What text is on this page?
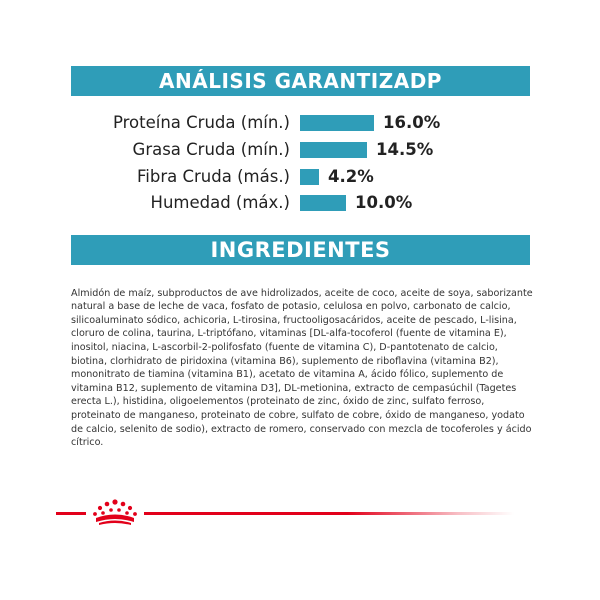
ANÁLISIS GARANTIZADP
Proteína Cruda (mín.)	16.0%
Grasa Cruda (mín.)	14.5%
Fibra Cruda (más.) 4.2%
Humedad (máx.)	10.0%
INGREDIENTES

Almidón de maíz, subproductos de ave hidrolizados, aceite de coco, aceite de soya, saborizante natural a base de leche de vaca, fosfato de potasio, celulosa en polvo, carbonato de calcio, silicoaluminato sódico, achicoria, L-tirosina, fructooligosacáridos, aceite de pescado, L-lisina, cloruro de colina, taurina, L-triptófano, vitaminas [DL-alfa-tocoferol (fuente de vitamina E), inositol, niacina, L-ascorbil-2-polifosfato (fuente de vitamina C), D-pantotenato de calcio, biotina, clorhidrato de piridoxina (vitamina B6), suplemento de riboflavina (vitamina B2), mononitrato de tiamina (vitamina B1), acetato de vitamina A, ácido fólico, suplemento de vitamina B12, suplemento de vitamina D3], DL-metionina, extracto de cempasúchil (Tagetes erecta L.), histidina, oligoelementos (proteinato de zinc, óxido de zinc, sulfato ferroso, proteinato de manganeso, proteinato de cobre, sulfato de cobre, óxido de manganeso, yodato de calcio, selenito de sodio), extracto de romero, conservado con mezcla de tocoferoles y ácido cítrico.
